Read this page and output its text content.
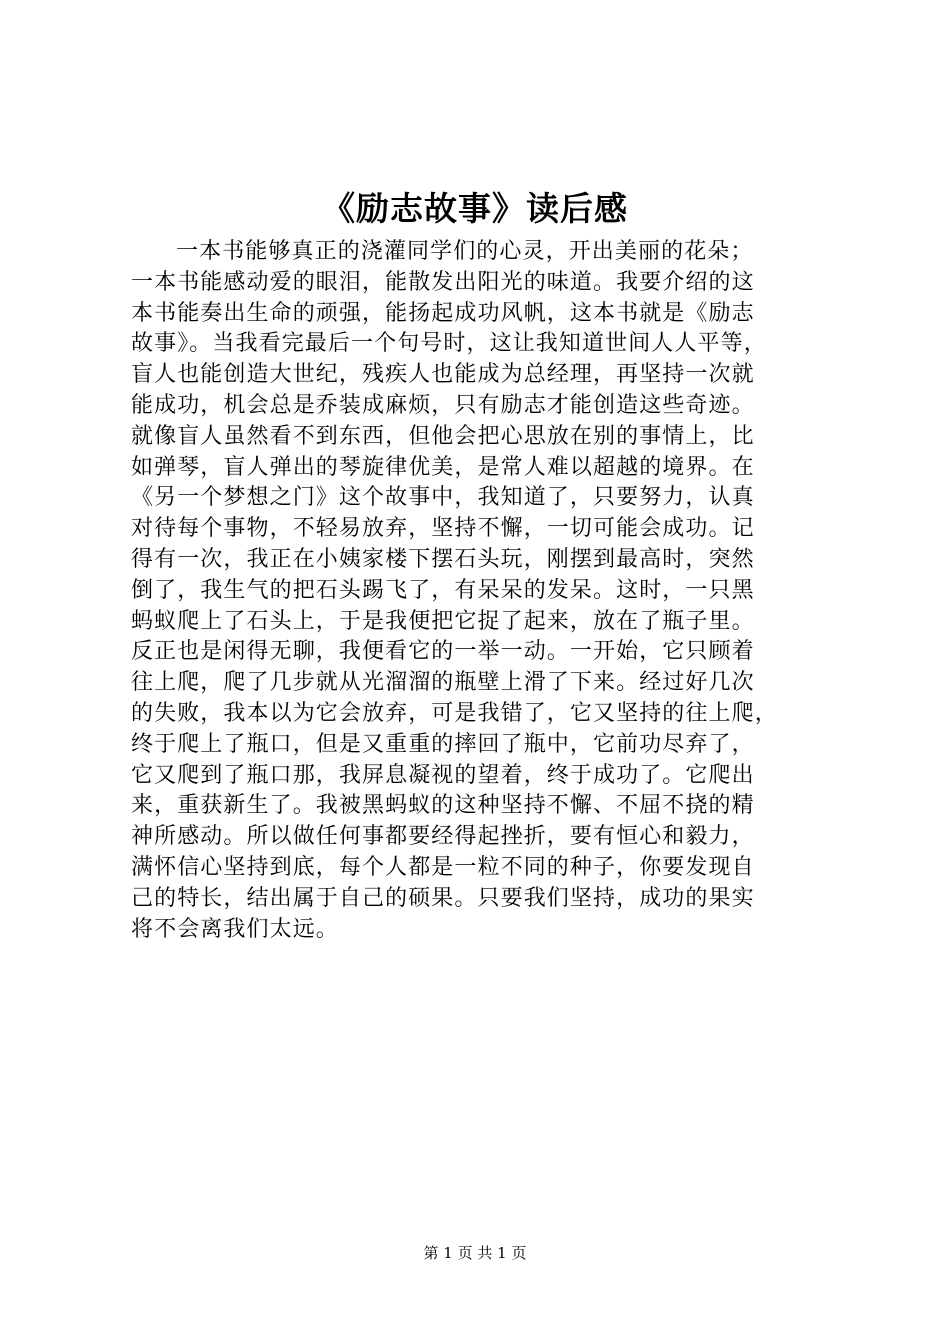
《励志故事》读后感
一本书能够真正的浇灌同学们的心灵，开出美丽的花朵；
一本书能感动爱的眼泪，能散发出阳光的味道。我要介绍的这
本书能奏出生命的顽强，能扬起成功风帆，这本书就是《励志
故事》。当我看完最后一个句号时，这让我知道世间人人平等，
盲人也能创造大世纪，残疾人也能成为总经理，再坚持一次就
能成功，机会总是乔装成麻烦，只有励志才能创造这些奇迹。
就像盲人虽然看不到东西，但他会把心思放在别的事情上，比
如弹琴，盲人弹出的琴旋律优美，是常人难以超越的境界。在
《另一个梦想之门》这个故事中，我知道了，只要努力，认真
对待每个事物，不轻易放弃，坚持不懈，一切可能会成功。记
得有一次，我正在小姨家楼下摆石头玩，刚摆到最高时，突然
倒了，我生气的把石头踢飞了，有呆呆的发呆。这时，一只黑
蚂蚁爬上了石头上，于是我便把它捉了起来，放在了瓶子里。
反正也是闲得无聊，我便看它的一举一动。一开始，它只顾着
往上爬，爬了几步就从光溜溜的瓶壁上滑了下来。经过好几次
的失败，我本以为它会放弃，可是我错了，它又坚持的往上爬，
终于爬上了瓶口，但是又重重的摔回了瓶中，它前功尽弃了，
它又爬到了瓶口那，我屏息凝视的望着，终于成功了。它爬出
来，重获新生了。我被黑蚂蚁的这种坚持不懈、不屈不挠的精
神所感动。所以做任何事都要经得起挫折，要有恒心和毅力，
满怀信心坚持到底，每个人都是一粒不同的种子，你要发现自
己的特长，结出属于自己的硕果。只要我们坚持，成功的果实
将不会离我们太远。
第 1 页 共 1 页
